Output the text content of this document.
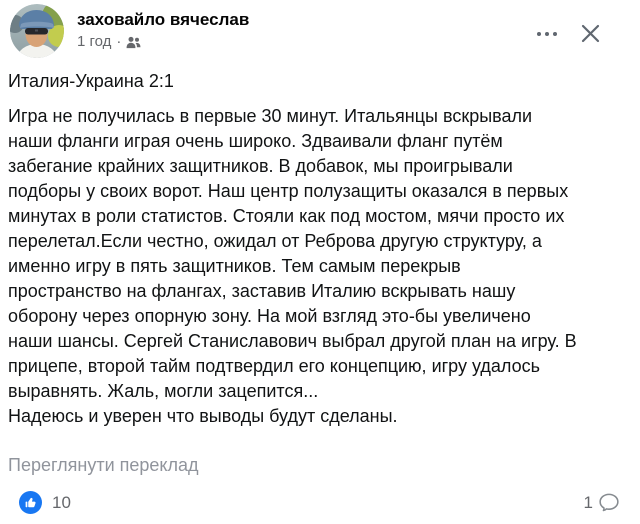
заховайло вячеслав
1 год ·
Италия-Украина 2:1
Игра не получилась в первые 30 минут. Итальянцы вскрывали
наши фланги играя очень широко. Здваивали фланг путём
забегание крайних защитников. В добавок, мы проигрывали
подборы у своих ворот. Наш центр полузащиты оказался в первых
минутах в роли статистов. Стояли как под мостом, мячи просто их
перелетал.Если честно, ожидал от Реброва другую структуру, а
именно игру в пять защитников. Тем самым перекрыв
пространство на флангах, заставив Италию вскрывать нашу
оборону через опорную зону. На мой взгляд это-бы увеличено
наши шансы. Сергей Станиславович выбрал другой план на игру. В
прицепе, второй тайм подтвердил его концепцию, игру удалось
выравнять. Жаль, могли зацепится...
Надеюсь и уверен что выводы будут сделаны.
Переглянути переклад
10	1
